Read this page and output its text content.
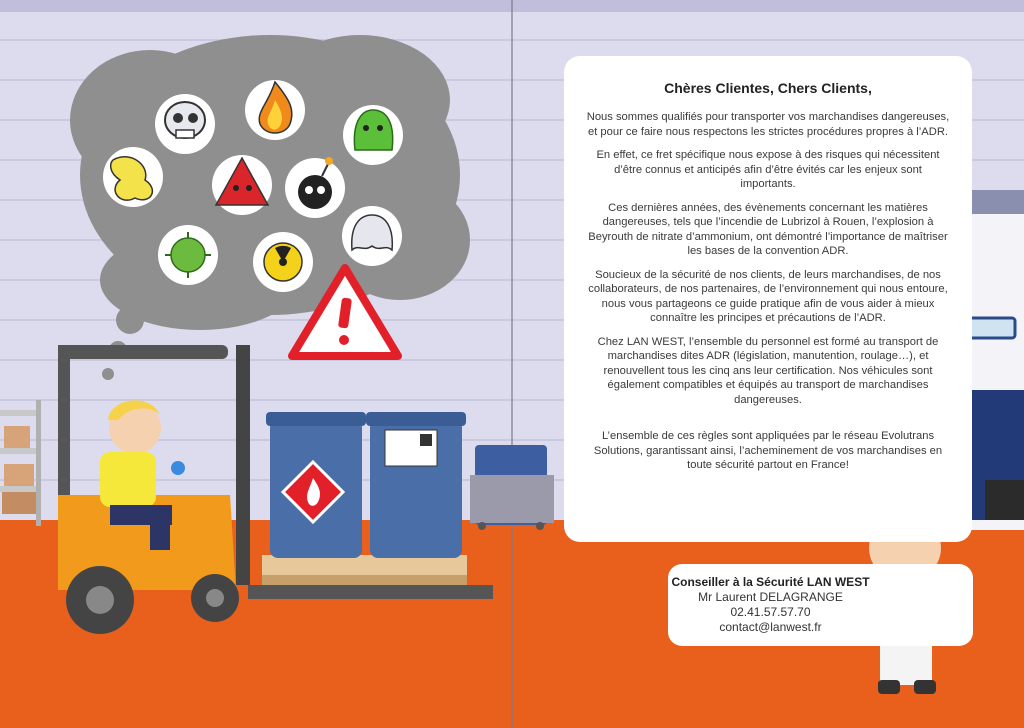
Chères Clientes, Chers Clients,

Nous sommes qualifiés pour transporter vos marchandises dangereuses, et pour ce faire nous respectons les strictes procédures propres à l’ADR.

En effet, ce fret spécifique nous expose à des risques qui nécessitent d’être connus et anticipés afin d’être évités car les enjeux sont importants.

Ces dernières années, des évènements concernant les matières dangereuses, tels que l’incendie de Lubrizol à Rouen, l’explosion à Beyrouth de nitrate d’ammonium, ont démontré l’importance de maîtriser les bases de la convention ADR.

Soucieux de la sécurité de nos clients, de leurs marchandises, de nos collaborateurs, de nos partenaires, de l’environnement qui nous entoure, nous vous partageons ce guide pratique afin de vous aider à mieux connaître les principes et précautions de l’ADR.

Chez LAN WEST, l’ensemble du personnel est formé au transport de marchandises dites ADR (législation, manutention, roulage…), et renouvellent tous les cinq ans leur certification. Nos véhicules sont également compatibles et équipés au transport de marchandises dangereuses.

L’ensemble de ces règles sont appliquées par le réseau Evolutrans Solutions, garantissant ainsi, l’acheminement de vos marchandises en toute sécurité partout en France!

Conseiller à la Sécurité LAN WEST
Mr Laurent DELAGRANGE
02.41.57.57.70
contact@lanwest.fr
